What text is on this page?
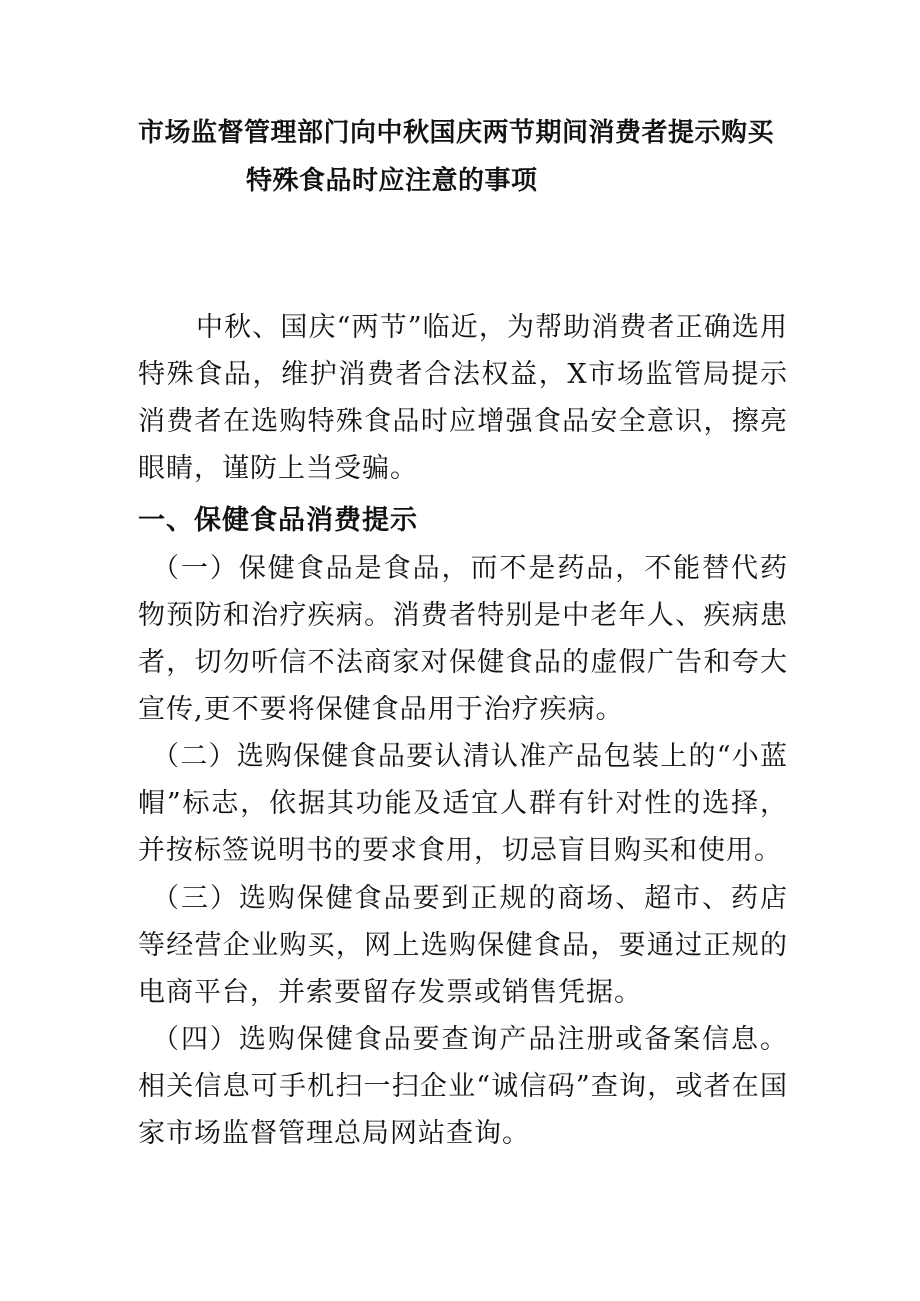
市场监督管理部门向中秋国庆两节期间消费者提示购买
特殊食品时应注意的事项

中秋、国庆“两节”临近，为帮助消费者正确选用特殊食品，维护消费者合法权益，X市场监管局提示消费者在选购特殊食品时应增强食品安全意识，擦亮眼睛，谨防上当受骗。

一、保健食品消费提示

（一）保健食品是食品，而不是药品，不能替代药物预防和治疗疾病。消费者特别是中老年人、疾病患者，切勿听信不法商家对保健食品的虚假广告和夸大宣传,更不要将保健食品用于治疗疾病。

（二）选购保健食品要认清认准产品包装上的“小蓝帽”标志，依据其功能及适宜人群有针对性的选择，并按标签说明书的要求食用，切忌盲目购买和使用。

（三）选购保健食品要到正规的商场、超市、药店等经营企业购买，网上选购保健食品，要通过正规的电商平台，并索要留存发票或销售凭据。

（四）选购保健食品要查询产品注册或备案信息。相关信息可手机扫一扫企业“诚信码”查询，或者在国家市场监督管理总局网站查询。
